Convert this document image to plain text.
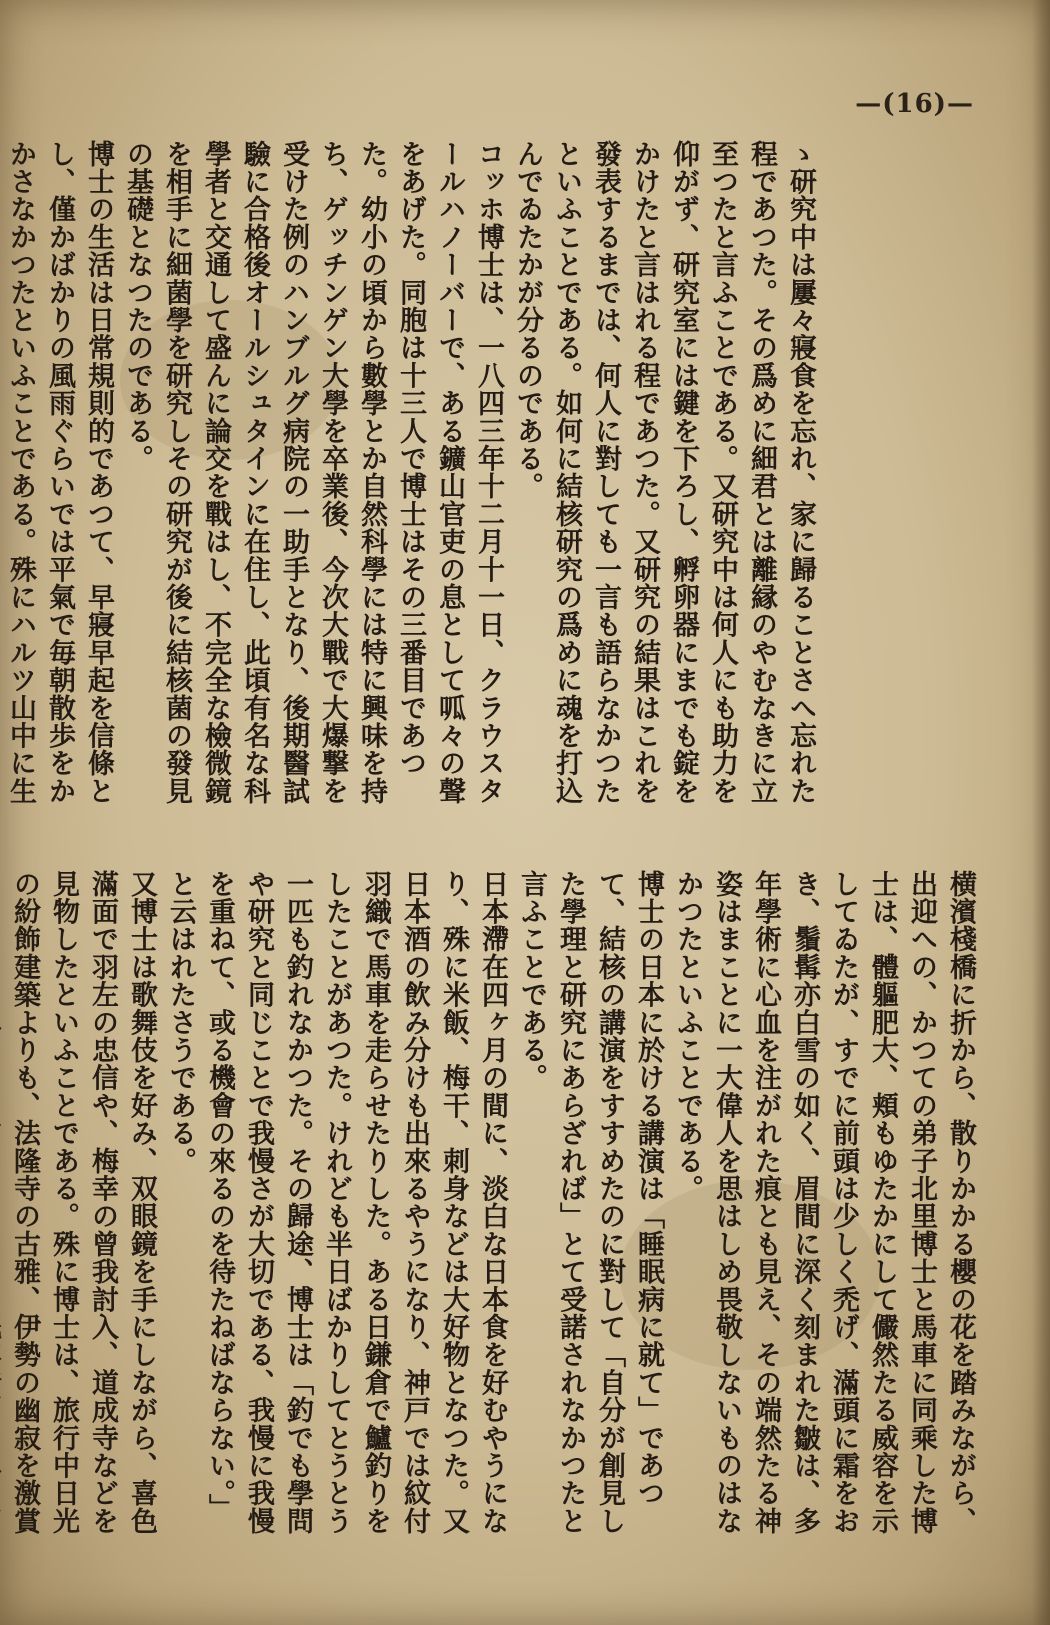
—(16)—
ゝ研究中は屢々寢食を忘れ、家に歸ることさへ忘れた程であつた。その爲めに細君とは離縁のやむなきに立至つたと言ふことである。又研究中は何人にも助力を仰がず、研究室には鍵を下ろし、孵卵器にまでも錠をかけたと言はれる程であつた。又研究の結果はこれを發表するまでは、何人に對しても一言も語らなかつたといふことである。如何に結核研究の爲めに魂を打込んでゐたかが分るのである。
コッホ博士は、一八四三年十二月十一日、クラウスタールハノーバーで、ある鑛山官吏の息として呱々の聲をあげた。同胞は十三人で博士はその三番目であつた。幼小の頃から數學とか自然科學には特に興味を持ち、ゲッチンゲン大學を卒業後、今次大戰で大爆撃を受けた例のハンブルグ病院の一助手となり、後期醫試驗に合格後オールシュタインに在住し、此頃有名な科學者と交通して盛んに論交を戰はし、不完全な檢微鏡を相手に細菌學を研究しその研究が後に結核菌の發見の基礎となつたのである。
博士の生活は日常規則的であつて、早寢早起を信條とし、僅かばかりの風雨ぐらいでは平氣で毎朝散歩をかかさなかつたといふことである。殊にハルツ山中に生
横濱棧橋に折から、散りかかる櫻の花を踏みながら、出迎への、かつての弟子北里博士と馬車に同乘した博士は、體軀肥大、頬もゆたかにして儼然たる威容を示してゐたが、すでに前頭は少しく禿げ、滿頭に霜をおき、鬚髯亦白雪の如く、眉間に深く刻まれた皺は、多年學術に心血を注がれた痕とも見え、その端然たる神姿はまことに一大偉人を思はしめ畏敬しないものはなかつたといふことである。
博士の日本に於ける講演は「睡眠病に就て」であつて、結核の講演をすすめたのに對して「自分が創見した學理と研究にあらざれば」とて受諾されなかつたと言ふことである。
日本滯在四ヶ月の間に、淡白な日本食を好むやうになり、殊に米飯、梅干、刺身などは大好物となつた。又日本酒の飲み分けも出來るやうになり、神戸では紋付羽織で馬車を走らせたりした。ある日鎌倉で鱸釣りをしたことがあつた。けれども半日ばかりしてとうとう一匹も釣れなかつた。その歸途、博士は「釣でも學問や研究と同じことで我慢さが大切である、我慢に我慢を重ねて、或る機會の來るのを待たねばならない。」と云はれたさうである。
又博士は歌舞伎を好み、双眼鏡を手にしながら、喜色滿面で羽左の忠信や、梅幸の曾我討入、道成寺などを見物したといふことである。殊に博士は、旅行中日光の紛飾建築よりも、法隆寺の古雅、伊勢の幽寂を激賞
